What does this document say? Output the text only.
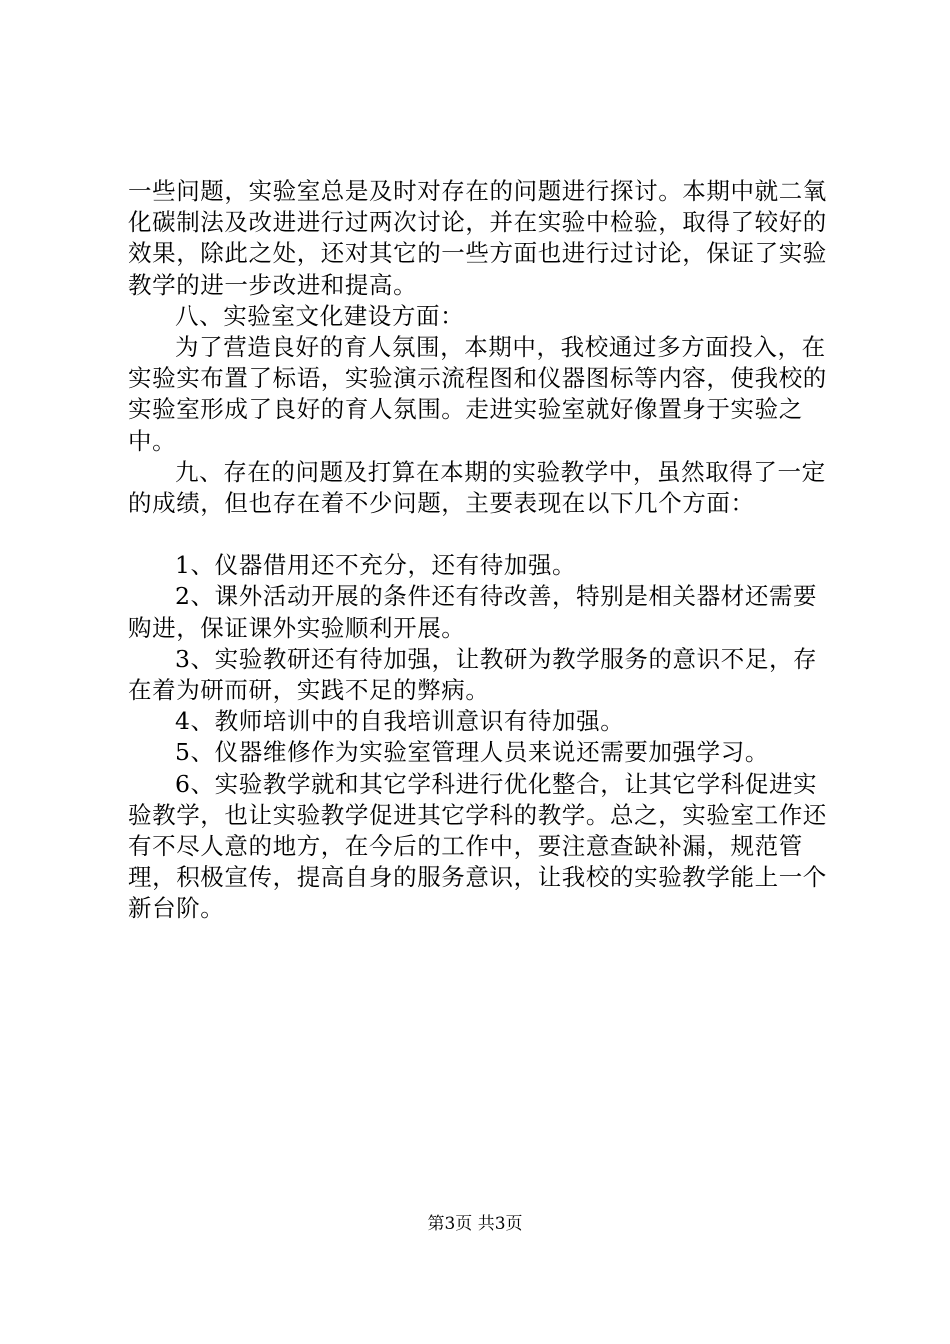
一些问题，实验室总是及时对存在的问题进行探讨。本期中就二氧化碳制法及改进进行过两次讨论，并在实验中检验，取得了较好的效果，除此之处，还对其它的一些方面也进行过讨论，保证了实验教学的进一步改进和提高。

八、实验室文化建设方面：

为了营造良好的育人氛围，本期中，我校通过多方面投入，在实验实布置了标语，实验演示流程图和仪器图标等内容，使我校的实验室形成了良好的育人氛围。走进实验室就好像置身于实验之中。

九、存在的问题及打算在本期的实验教学中，虽然取得了一定的成绩，但也存在着不少问题，主要表现在以下几个方面：

1、仪器借用还不充分，还有待加强。

2、课外活动开展的条件还有待改善，特别是相关器材还需要购进，保证课外实验顺利开展。

3、实验教研还有待加强，让教研为教学服务的意识不足，存在着为研而研，实践不足的弊病。

4、教师培训中的自我培训意识有待加强。

5、仪器维修作为实验室管理人员来说还需要加强学习。

6、实验教学就和其它学科进行优化整合，让其它学科促进实验教学，也让实验教学促进其它学科的教学。总之，实验室工作还有不尽人意的地方，在今后的工作中，要注意查缺补漏，规范管理，积极宣传，提高自身的服务意识，让我校的实验教学能上一个新台阶。

第3页 共3页
